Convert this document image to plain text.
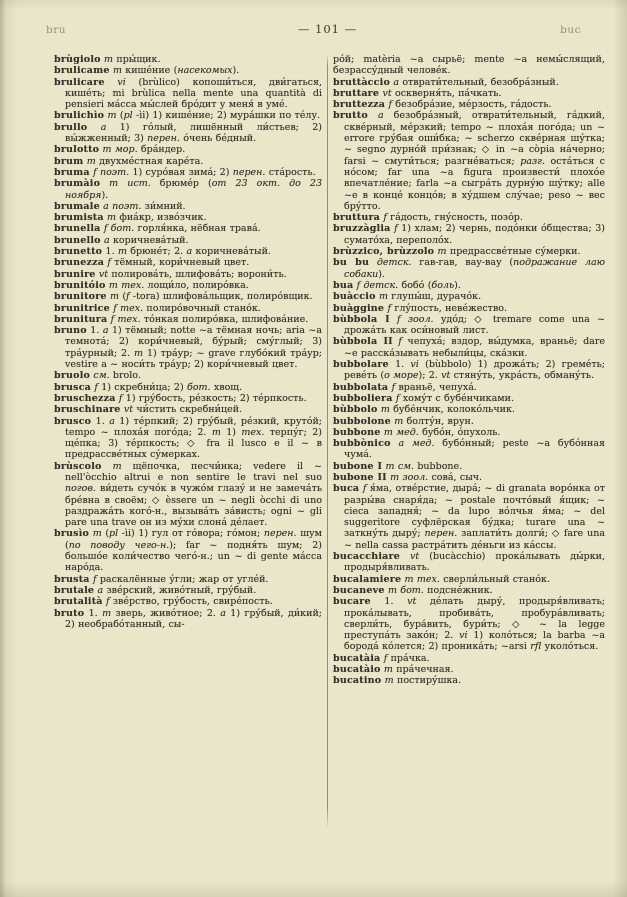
bru	— 101 —	buc

brùgiolo m пры́щик.

brulicame m кише́ние (насекомых).

brulicare vi (brùlico) копоши́ться, дви́гаться, кише́ть; mi brùlica nella mente una quantità di pensieri ма́сса мы́слей бро́дит у меня́ в уме́.

brulichìo m (pl -ìi) 1) кише́ние; 2) мура́шки по те́лу.

brullo a 1) го́лый, лишённый ли́стьев; 2) вы́жженный; 3) перен. о́чень бе́дный.

brulotto m мор. бра́ндер.

brum m двухме́стная каре́та.

bruma f поэт. 1) суро́вая зима́; 2) перен. ста́рость.

brumàio m ист. брюме́р (от 23 окт. до 23 ноября).

brumale a поэт. зи́мний.

brumista m фиа́кр, изво́зчик.

brunella f бот. горля́нка, нёбная трава́.

brunello a коричнева́тый.

brunetto 1. m брюне́т; 2. a коричнева́тый.

brunezza f тёмный, кори́чневый цвет.

brunire vt полирова́ть, шлифова́ть; ворони́ть.

brunitóio m тех. лощи́ло, полиро́вка.

brunitore m (f -tora) шлифова́льщик, полиро́вщик.

brunitrice f тех. полиро́вочный стано́к.

brunitura f тех. то́нкая полиро́вка, шлифова́ние.

bruno 1. a 1) тёмный; notte ~a тёмная ночь; aria ~a темнота́; 2) кори́чневый, бу́рый; сму́глый; 3) тра́урный; 2. m 1) тра́ур; ~ grave глубо́кий тра́ур; vestire a ~ носи́ть тра́ур; 2) кори́чневый цвет.

bruolo см. brolo.

brusca f 1) скребни́ца; 2) бот. хвощ.

bruschezza f 1) гру́бость, ре́зкость; 2) те́рпкость.

bruschinare vt чи́стить скребни́цей.

brusco 1. a 1) те́рпкий; 2) гру́бый, ре́зкий, круто́й; tempo ~ плоха́я пого́да; 2. m 1) тех. терпу́г; 2) ще́пка; 3) те́рпкость; ◇ fra il lusco e il ~ в предрассве́тных су́мерках.

brùscolo m щёпочка, песчи́нка; vedere il ~ nell'òcchio altrui e non sentire le travi nel suo погов. ви́деть сучо́к в чужо́м глазу́ и не замеча́ть бре́вна в своём; ◇ èssere un ~ negli òcchi di uno раздража́ть кого́-н., вызыва́ть за́висть; ogni ~ gli pare una trave он из му́хи слона́ де́лает.

brusìo m (pl -ìi) 1) гул от го́вора; го́мон; перен. шум (по поводу чего-н.); far ~ подня́ть шум; 2) большо́е коли́чество чего́-н.; un ~ di gente ма́сса наро́да.

brusta f раскалённые у́гли; жар от угле́й.

brutale a зве́рский, живо́тный, гру́бый.

brutalità f зве́рство, гру́бость, свире́пость.

bruto 1. m зверь, живо́тное; 2. a 1) гру́бый, ди́кий; 2) необрабо́танный, сы-

ро́й; matèria ~a сырьё; mente ~a немы́слящий, безрассу́дный челове́к.

bruttàccio a отврати́тельный, безобра́зный.

bruttare vt оскверня́ть, па́чкать.

bruttezza f безобра́зие, ме́рзость, га́дость.

brutto a безобра́зный, отврати́тельный, га́дкий, скве́рный, ме́рзкий; tempo ~ плоха́я пого́да; un ~ errore гру́бая оши́бка; ~ scherzo скве́рная шу́тка; ~ segno дурно́й при́знак; ◇ in ~a còpia на́черно; farsi ~ смути́ться; разгне́ваться; разг. оста́ться с но́сом; far una ~a figura произвести́ плохо́е впечатле́ние; farla ~a сыгра́ть дурну́ю шу́тку; alle ~e в конце́ концо́в; в ху́дшем слу́чае; peso ~ вес бру́тто.

bruttura f га́дость, гну́сность, позо́р.

bruzzàglia f 1) хлам; 2) чернь, подо́нки о́бщества; 3) сумато́ха, переполо́х.

brùzzico, brùzzolo m предрассве́тные су́мерки.

bu bu детск. гав-гав, вау-вау (подражание лаю собаки).

bua f детск. бобо́ (боль).

buàccio m глупы́ш, дурачо́к.

buàggine f глу́пость, неве́жество.

bùbbola I f зоол. удо́д; ◇ tremare come una ~ дрожа́ть как оси́новый лист.

bùbbola II f чепуха́; вздор, вы́думка, враньё; dare ~e расска́зывать небыли́цы, ска́зки.

bubbolare 1. vi (bùbbolo) 1) дрожа́ть; 2) греме́ть; реве́ть (о море); 2. vt стяну́ть, укра́сть, обману́ть.

bubbolata f враньё, чепуха́.

bubboliera f хому́т с бубе́нчиками.

bùbbolo m бубе́нчик, колоко́льчик.

bubbolone m болту́н, врун.

bubbone m мед. бубо́н, о́пухоль.

bubbònico a мед. бубо́нный; peste ~a бубо́нная чума́.

bubone I m см. bubbone.

bubone II m зоол. сова́, сыч.

buca f я́ма, отве́рстие, дыра́; ~ di granata воро́нка от разры́ва снаря́да; ~ postale почто́вый я́щик; ~ cieca западня́; ~ da lupo во́лчья я́ма; ~ del suggeritore суфлёрская бу́дка; turare una ~ заткну́ть дыру́; перен. заплати́ть долги́; ◇ fare una ~ nella cassa растра́тить де́ньги из ка́ссы.

bucacchiare vt (bucàcchio) прока́лывать ды́рки, продыря́вливать.

bucalamiere m тех. сверли́льный стано́к.

bucaneve m бот. подсне́жник.

bucare 1. vt де́лать дыру́, продыря́вливать; прока́лывать, пробива́ть, пробура́вливать; сверли́ть, бура́вить, бури́ть; ◇ ~ la legge преступа́ть зако́н; 2. vi 1) коло́ться; la barba ~a борода́ ко́лется; 2) проника́ть; ~arsi rfl уколо́ться.

bucatàia f пра́чка.

bucatàio m пра́чечная.

bucatino m постиру́шка.
